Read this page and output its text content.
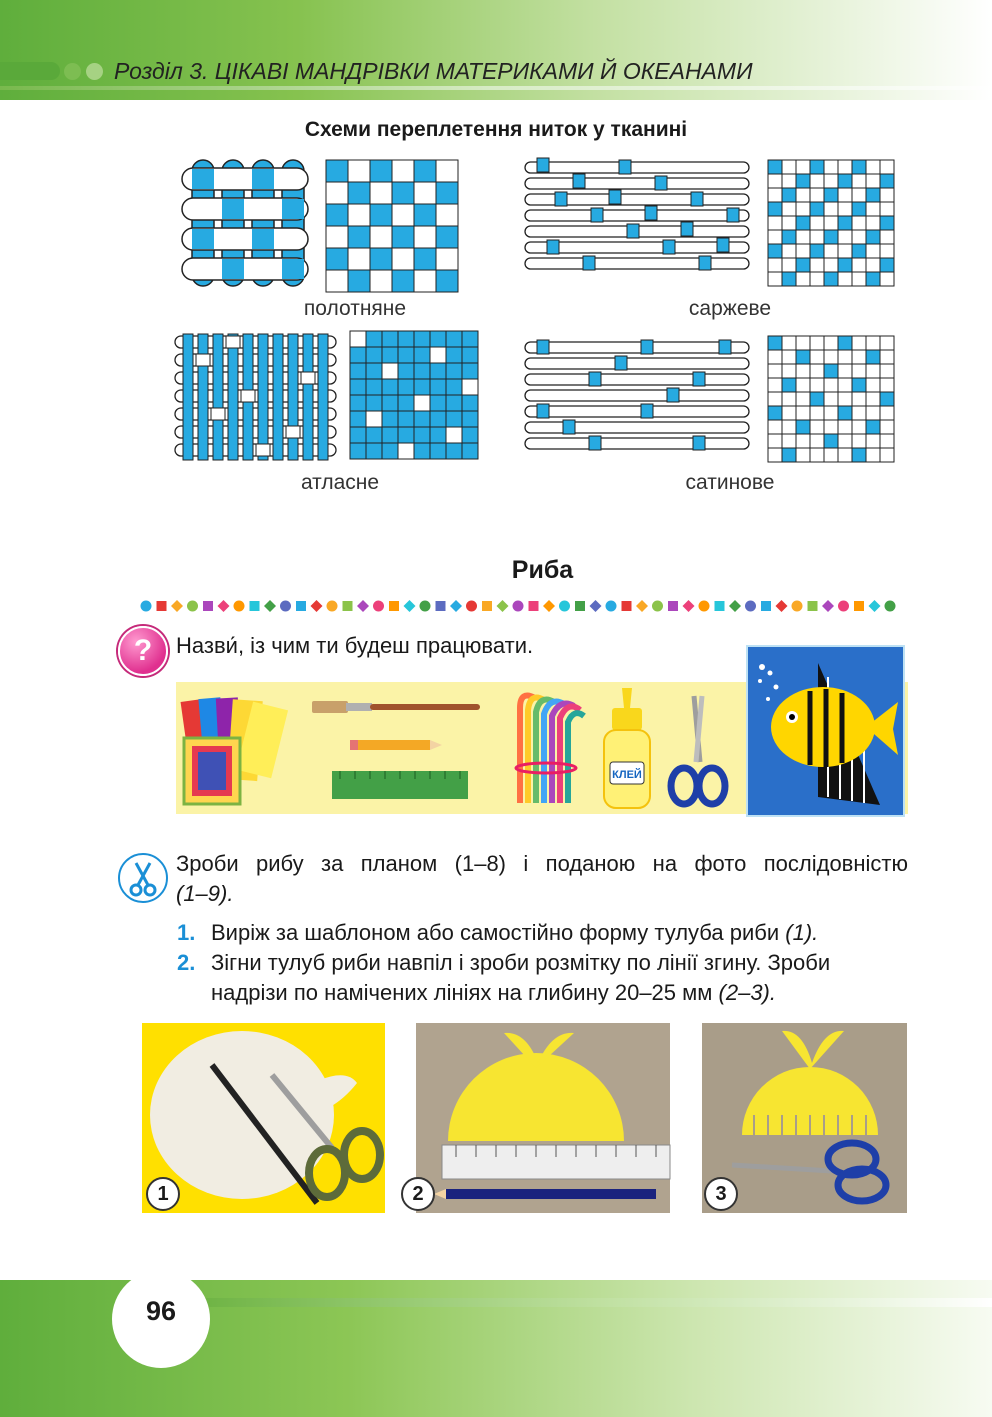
Розділ 3. ЦІКАВІ МАНДРІВКИ МАТЕРИКАМИ Й ОКЕАНАМИ
Схеми переплетення ниток у тканині
полотняне	саржеве
атласне	сатинове
Риба
?	Назви́, із чим ти будеш працювати.
КЛЕЙ
Зроби рибу за планом (1–8) і поданою на фото послідовністю
(1–9).
1. Виріж за шаблоном або самостійно форму тулуба риби (1).
2. Зігни тулуб риби навпіл і зроби розмітку по лінії згину. Зроби
надрізи по намічених лініях на глибину 20–25 мм (2–3).
1	2	3
96
